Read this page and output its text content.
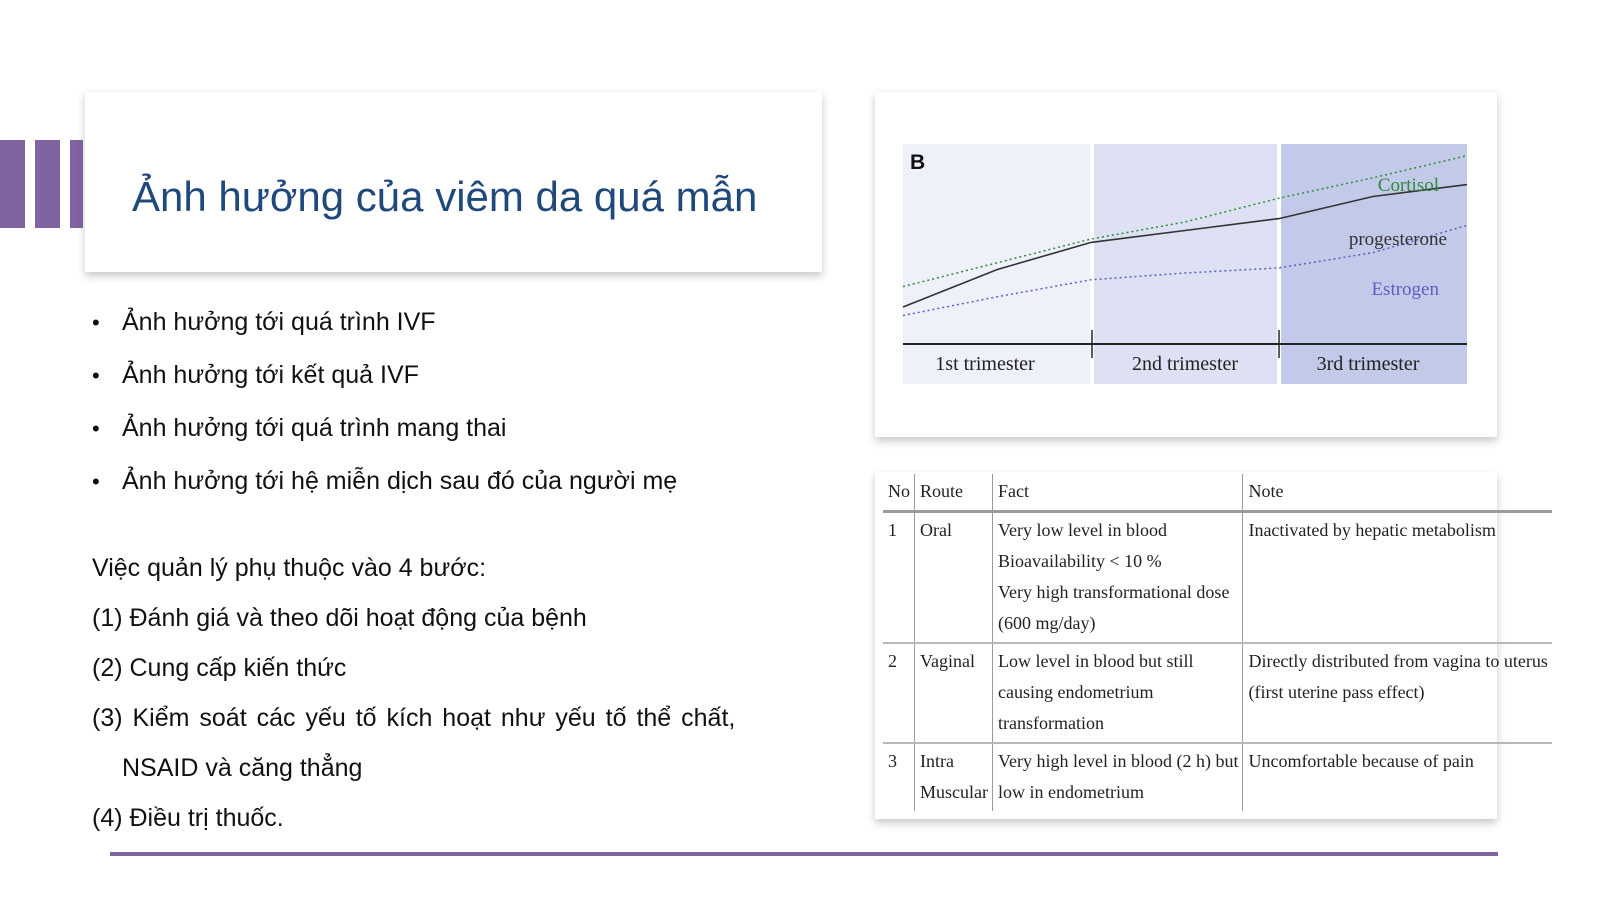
Ảnh hưởng của viêm da quá mẫn
• Ảnh hưởng tới quá trình IVF
• Ảnh hưởng tới kết quả IVF
• Ảnh hưởng tới quá trình mang thai
• Ảnh hưởng tới hệ miễn dịch sau đó của người mẹ
Việc quản lý phụ thuộc vào 4 bước:
(1) Đánh giá và theo dõi hoạt động của bệnh
(2) Cung cấp kiến thức
(3) Kiểm soát các yếu tố kích hoạt như yếu tố thể chất,
NSAID và căng thẳng
(4) Điều trị thuốc.
B
1st trimester	2nd trimester	3rd trimester
Cortisol
progesterone
Estrogen
No	Route	Fact	Note
1	Oral	Very low level in blood
Bioavailability < 10 %
Very high transformational dose
(600 mg/day)	Inactivated by hepatic metabolism

2	Vaginal	Low level in blood but still
causing endometrium
transformation	Directly distributed from vagina to uterus
(first uterine pass effect)

3	Intra Muscular	Very high level in blood (2 h) but
low in endometrium	Uncomfortable because of pain
